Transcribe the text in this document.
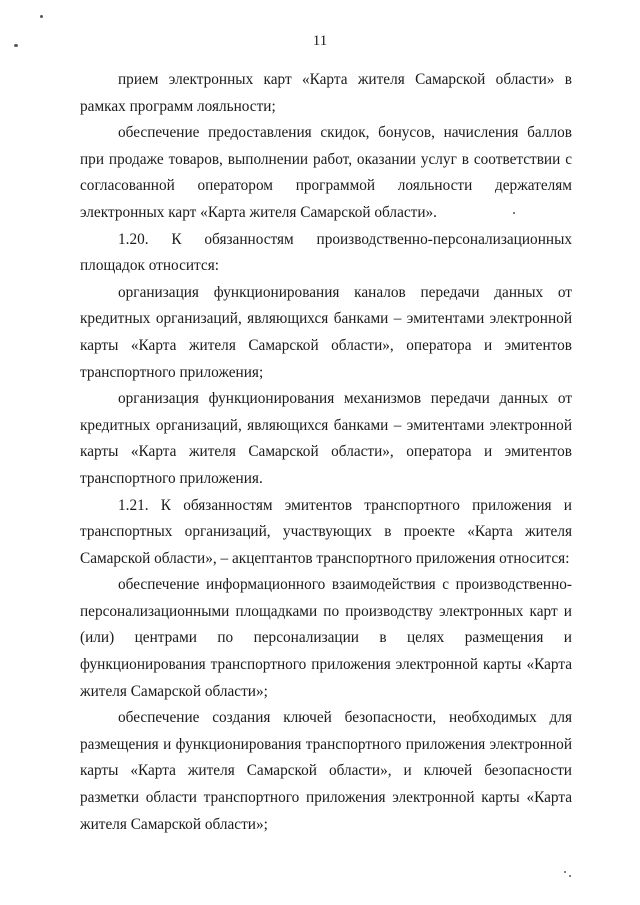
11

прием электронных карт «Карта жителя Самарской области» в рамках программ лояльности;

обеспечение предоставления скидок, бонусов, начисления баллов при продаже товаров, выполнении работ, оказании услуг в соответствии с согласованной оператором программой лояльности держателям электронных карт «Карта жителя Самарской области».

1.20. К обязанностям производственно-персонализационных площадок относится:

организация функционирования каналов передачи данных от кредитных организаций, являющихся банками – эмитентами электронной карты «Карта жителя Самарской области», оператора и эмитентов транспортного приложения;

организация функционирования механизмов передачи данных от кредитных организаций, являющихся банками – эмитентами электронной карты «Карта жителя Самарской области», оператора и эмитентов транспортного приложения.

1.21. К обязанностям эмитентов транспортного приложения и транспортных организаций, участвующих в проекте «Карта жителя Самарской области», – акцептантов транспортного приложения относится:

обеспечение информационного взаимодействия с производственно-персонализационными площадками по производству электронных карт и (или) центрами по персонализации в целях размещения и функционирования транспортного приложения электронной карты «Карта жителя Самарской области»;

обеспечение создания ключей безопасности, необходимых для размещения и функционирования транспортного приложения электронной карты «Карта жителя Самарской области», и ключей безопасности разметки области транспортного приложения электронной карты «Карта жителя Самарской области»;
